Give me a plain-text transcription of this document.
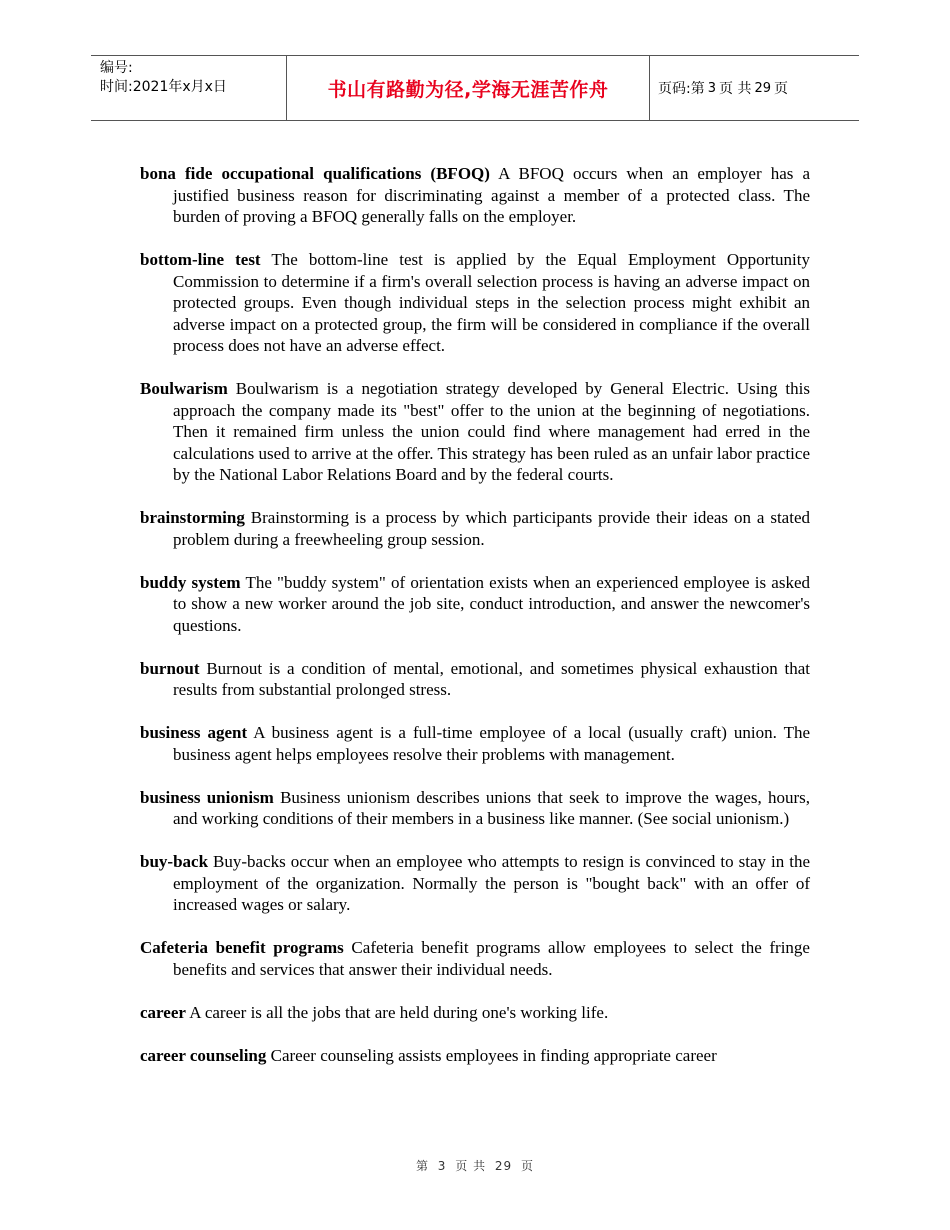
编号:
时间:2021年x月x日	书山有路勤为径,学海无涯苦作舟	页码:第 3 页 共 29 页

bona fide occupational qualifications (BFOQ) A BFOQ occurs when an employer has a justified business reason for discriminating against a member of a protected class. The burden of proving a BFOQ generally falls on the employer.

bottom-line test The bottom-line test is applied by the Equal Employment Opportunity Commission to determine if a firm's overall selection process is having an adverse impact on protected groups. Even though individual steps in the selection process might exhibit an adverse impact on a protected group, the firm will be considered in compliance if the overall process does not have an adverse effect.

Boulwarism Boulwarism is a negotiation strategy developed by General Electric. Using this approach the company made its "best" offer to the union at the beginning of negotiations. Then it remained firm unless the union could find where management had erred in the calculations used to arrive at the offer. This strategy has been ruled as an unfair labor practice by the National Labor Relations Board and by the federal courts.

brainstorming Brainstorming is a process by which participants provide their ideas on a stated problem during a freewheeling group session.

buddy system The "buddy system" of orientation exists when an experienced employee is asked to show a new worker around the job site, conduct introduction, and answer the newcomer's questions.

burnout Burnout is a condition of mental, emotional, and sometimes physical exhaustion that results from substantial prolonged stress.

business agent A business agent is a full-time employee of a local (usually craft) union. The business agent helps employees resolve their problems with management.

business unionism Business unionism describes unions that seek to improve the wages, hours, and working conditions of their members in a business like manner. (See social unionism.)

buy-back Buy-backs occur when an employee who attempts to resign is convinced to stay in the employment of the organization. Normally the person is "bought back" with an offer of increased wages or salary.

Cafeteria benefit programs Cafeteria benefit programs allow employees to select the fringe benefits and services that answer their individual needs.

career A career is all the jobs that are held during one's working life.

career counseling Career counseling assists employees in finding appropriate career

第 3 页 共 29 页
